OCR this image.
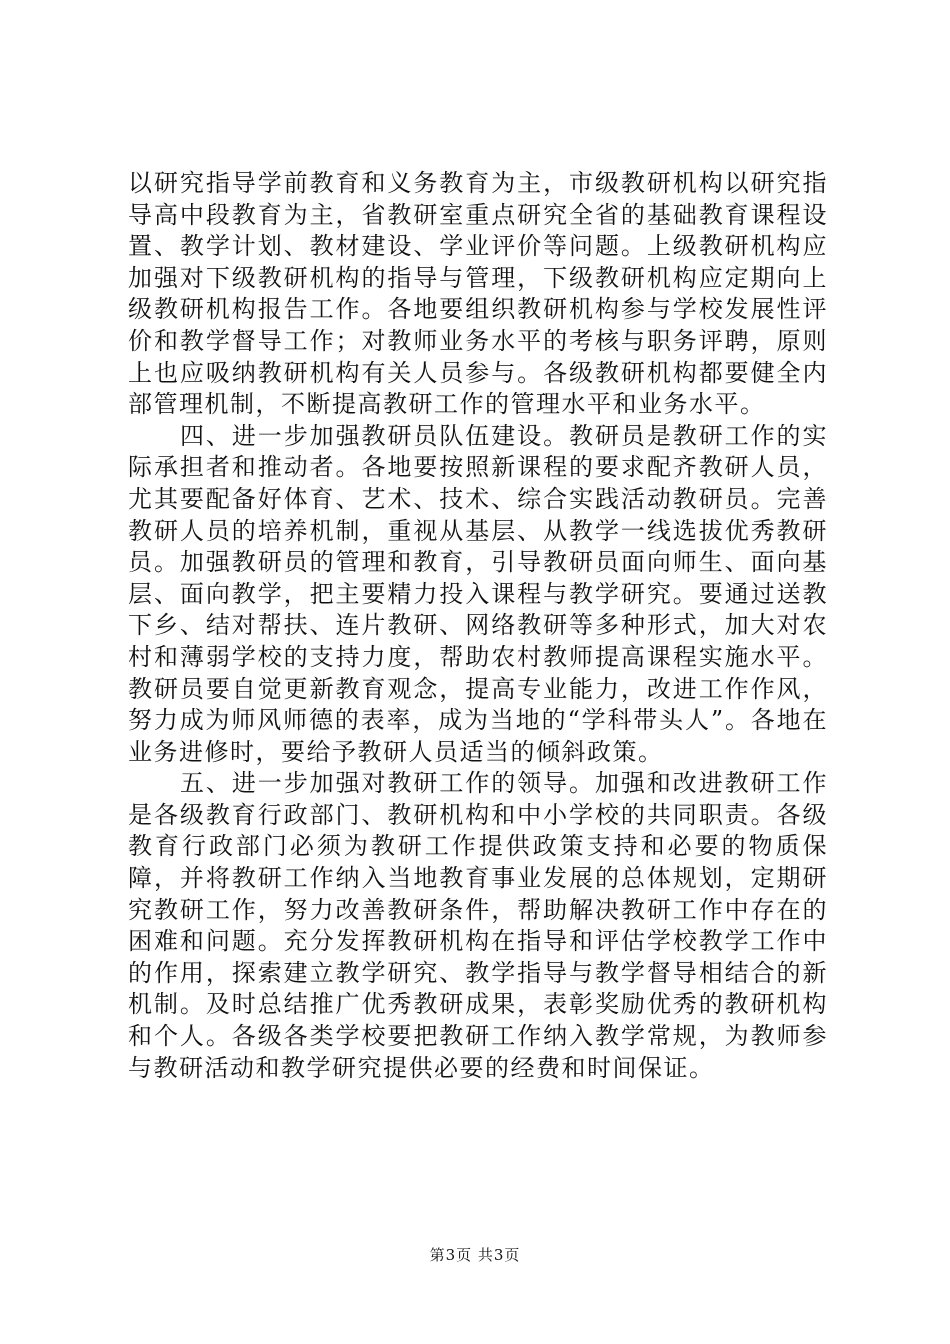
以研究指导学前教育和义务教育为主，市级教研机构以研究指导高中段教育为主，省教研室重点研究全省的基础教育课程设置、教学计划、教材建设、学业评价等问题。上级教研机构应加强对下级教研机构的指导与管理，下级教研机构应定期向上级教研机构报告工作。各地要组织教研机构参与学校发展性评价和教学督导工作；对教师业务水平的考核与职务评聘，原则上也应吸纳教研机构有关人员参与。各级教研机构都要健全内部管理机制，不断提高教研工作的管理水平和业务水平。

四、进一步加强教研员队伍建设。教研员是教研工作的实际承担者和推动者。各地要按照新课程的要求配齐教研人员，尤其要配备好体育、艺术、技术、综合实践活动教研员。完善教研人员的培养机制，重视从基层、从教学一线选拔优秀教研员。加强教研员的管理和教育，引导教研员面向师生、面向基层、面向教学，把主要精力投入课程与教学研究。要通过送教下乡、结对帮扶、连片教研、网络教研等多种形式，加大对农村和薄弱学校的支持力度，帮助农村教师提高课程实施水平。教研员要自觉更新教育观念，提高专业能力，改进工作作风，努力成为师风师德的表率，成为当地的“学科带头人”。各地在业务进修时，要给予教研人员适当的倾斜政策。

五、进一步加强对教研工作的领导。加强和改进教研工作是各级教育行政部门、教研机构和中小学校的共同职责。各级教育行政部门必须为教研工作提供政策支持和必要的物质保障，并将教研工作纳入当地教育事业发展的总体规划，定期研究教研工作，努力改善教研条件，帮助解决教研工作中存在的困难和问题。充分发挥教研机构在指导和评估学校教学工作中的作用，探索建立教学研究、教学指导与教学督导相结合的新机制。及时总结推广优秀教研成果，表彰奖励优秀的教研机构和个人。各级各类学校要把教研工作纳入教学常规，为教师参与教研活动和教学研究提供必要的经费和时间保证。

第3页 共3页
